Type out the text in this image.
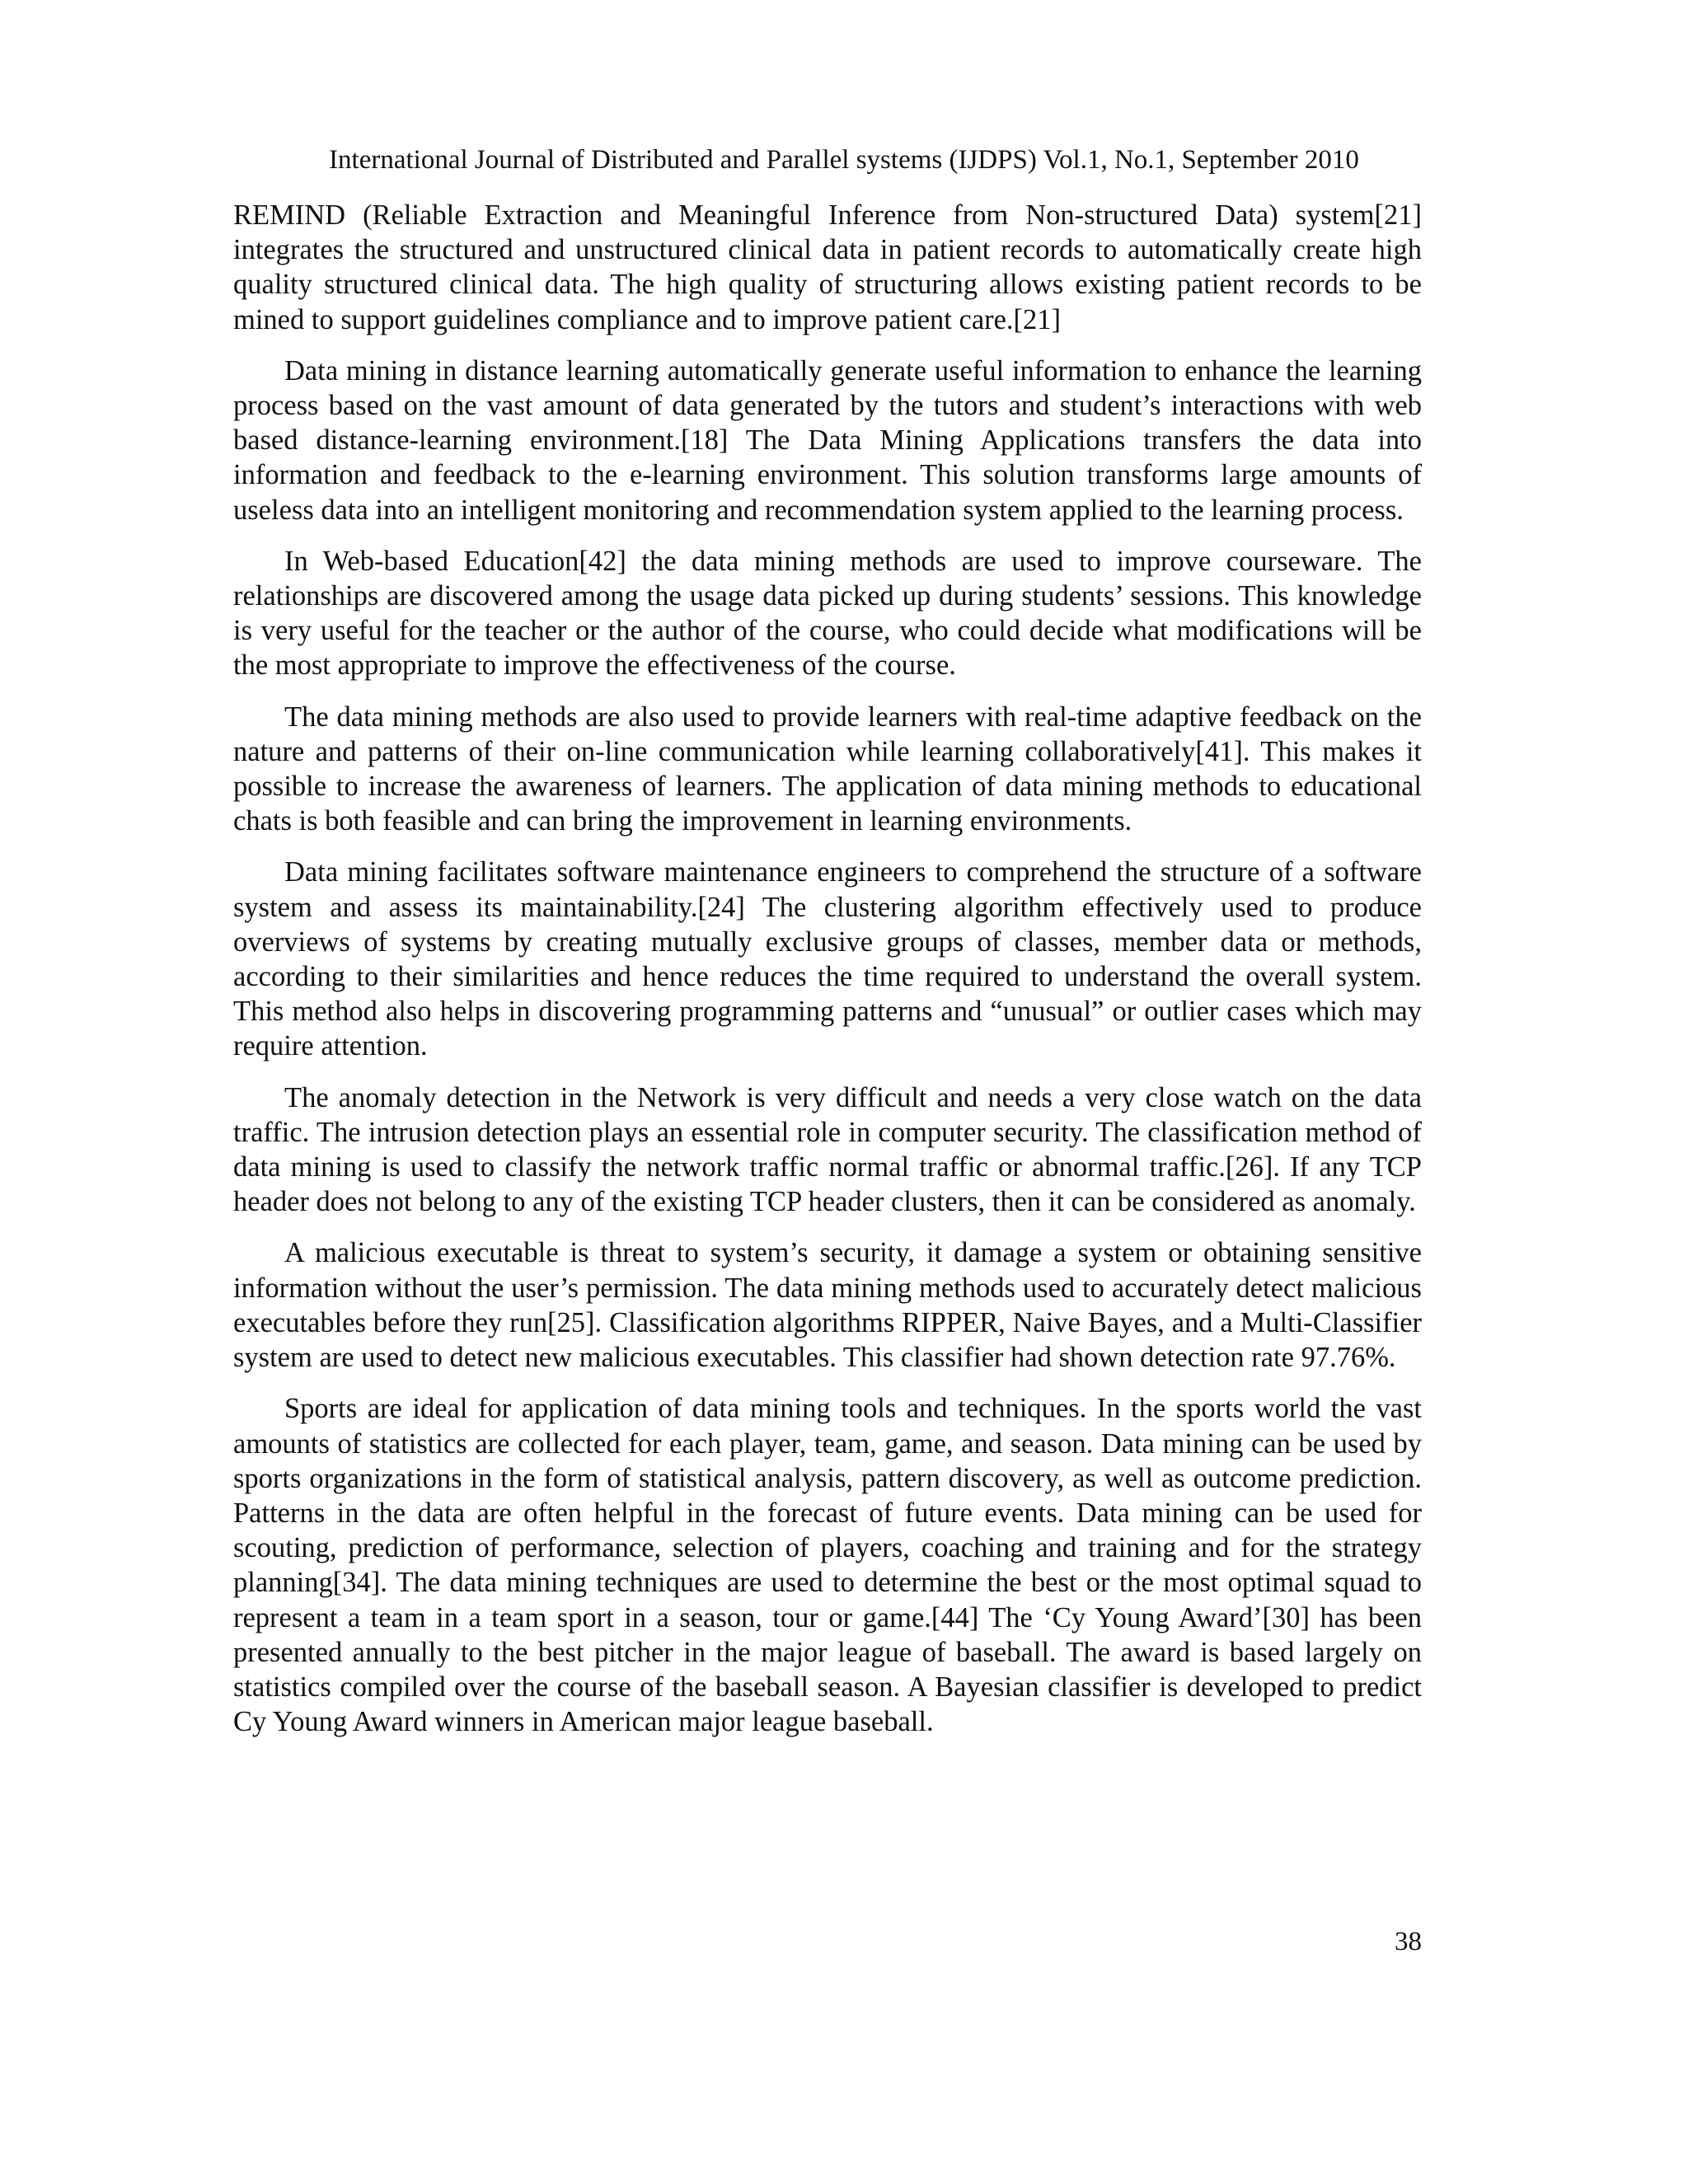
International Journal of Distributed and Parallel systems (IJDPS) Vol.1, No.1, September 2010

REMIND (Reliable Extraction and Meaningful Inference from Non-structured Data) system[21] integrates the structured and unstructured clinical data in patient records to automatically create high quality structured clinical data. The high quality of structuring allows existing patient records to be mined to support guidelines compliance and to improve patient care.[21]

Data mining in distance learning automatically generate useful information to enhance the learning process based on the vast amount of data generated by the tutors and student’s interactions with web based distance-learning environment.[18] The Data Mining Applications transfers the data into information and feedback to the e-learning environment. This solution transforms large amounts of useless data into an intelligent monitoring and recommendation system applied to the learning process.

In Web-based Education[42] the data mining methods are used to improve courseware. The relationships are discovered among the usage data picked up during students’ sessions. This knowledge is very useful for the teacher or the author of the course, who could decide what modifications will be the most appropriate to improve the effectiveness of the course.

The data mining methods are also used to provide learners with real-time adaptive feedback on the nature and patterns of their on-line communication while learning collaboratively[41]. This makes it possible to increase the awareness of learners. The application of data mining methods to educational chats is both feasible and can bring the improvement in learning environments.

Data mining facilitates software maintenance engineers to comprehend the structure of a software system and assess its maintainability.[24] The clustering algorithm effectively used to produce overviews of systems by creating mutually exclusive groups of classes, member data or methods, according to their similarities and hence reduces the time required to understand the overall system. This method also helps in discovering programming patterns and “unusual” or outlier cases which may require attention.

The anomaly detection in the Network is very difficult and needs a very close watch on the data traffic. The intrusion detection plays an essential role in computer security. The classification method of data mining is used to classify the network traffic normal traffic or abnormal traffic.[26]. If any TCP header does not belong to any of the existing TCP header clusters, then it can be considered as anomaly.

A malicious executable is threat to system’s security, it damage a system or obtaining sensitive information without the user’s permission. The data mining methods used to accurately detect malicious executables before they run[25]. Classification algorithms RIPPER, Naive Bayes, and a Multi-Classifier system are used to detect new malicious executables. This classifier had shown detection rate 97.76%.

Sports are ideal for application of data mining tools and techniques. In the sports world the vast amounts of statistics are collected for each player, team, game, and season. Data mining can be used by sports organizations in the form of statistical analysis, pattern discovery, as well as outcome prediction. Patterns in the data are often helpful in the forecast of future events. Data mining can be used for scouting, prediction of performance, selection of players, coaching and training and for the strategy planning[34]. The data mining techniques are used to determine the best or the most optimal squad to represent a team in a team sport in a season, tour or game.[44] The ‘Cy Young Award’[30] has been presented annually to the best pitcher in the major league of baseball. The award is based largely on statistics compiled over the course of the baseball season. A Bayesian classifier is developed to predict Cy Young Award winners in American major league baseball.

38
